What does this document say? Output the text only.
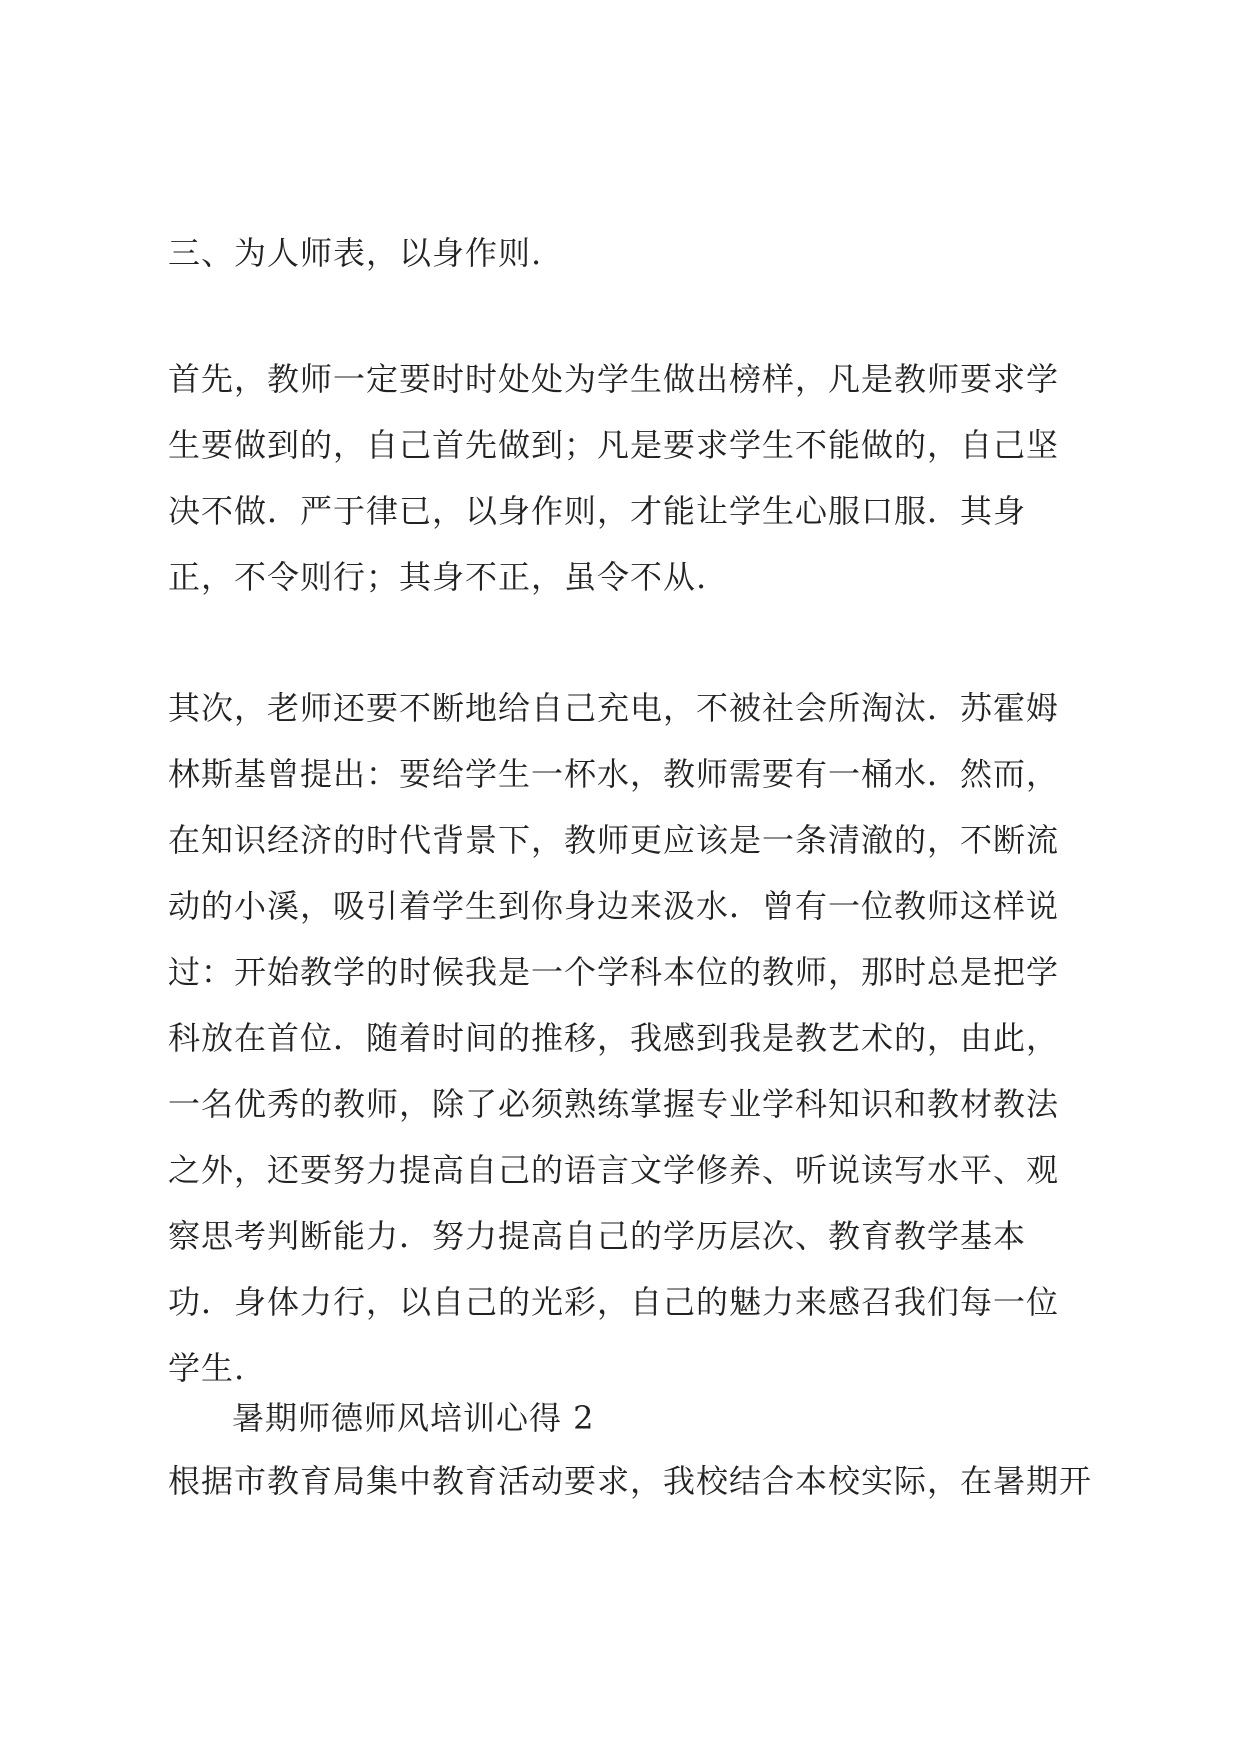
三、为人师表，以身作则.
首先，教师一定要时时处处为学生做出榜样，凡是教师要求学生要做到的，自己首先做到；凡是要求学生不能做的，自己坚决不做．严于律已，以身作则，才能让学生心服口服．其身正，不令则行；其身不正，虽令不从.
其次，老师还要不断地给自己充电，不被社会所淘汰．苏霍姆林斯基曾提出：要给学生一杯水，教师需要有一桶水．然而，在知识经济的时代背景下，教师更应该是一条清澈的，不断流动的小溪，吸引着学生到你身边来汲水．曾有一位教师这样说过：开始教学的时候我是一个学科本位的教师，那时总是把学科放在首位．随着时间的推移，我感到我是教艺术的，由此，一名优秀的教师，除了必须熟练掌握专业学科知识和教材教法之外，还要努力提高自己的语言文学修养、听说读写水平、观察思考判断能力．努力提高自己的学历层次、教育教学基本功．身体力行，以自己的光彩，自己的魅力来感召我们每一位学生.
暑期师德师风培训心得 2
根据市教育局集中教育活动要求，我校结合本校实际，在暑期开
